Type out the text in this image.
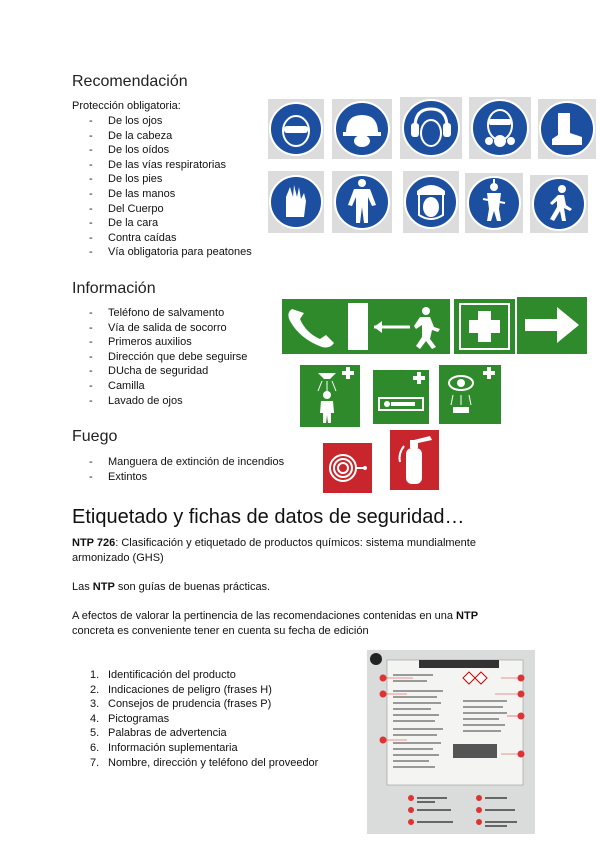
Recomendación
Protección obligatoria:
- De los ojos
- De la cabeza
- De los oídos
- De las vías respiratorias
- De los pies
- De las manos
- Del Cuerpo
- De la cara
- Contra caídas
- Vía obligatoria para peatones
Información
- Teléfono de salvamento
- Vía de salida de socorro
- Primeros auxilios
- Dirección que debe seguirse
- DUcha de seguridad
- Camilla
- Lavado de ojos
Fuego
- Manguera de extinción de incendios
- Extintos
Etiquetado y fichas de datos de seguridad…

NTP 726: Clasificación y etiquetado de productos químicos: sistema mundialmente armonizado (GHS)

Las NTP son guías de buenas prácticas.

A efectos de valorar la pertinencia de las recomendaciones contenidas en una NTP concreta es conveniente tener en cuenta su fecha de edición

1. Identificación del producto
2. Indicaciones de peligro (frases H)
3. Consejos de prudencia (frases P)
4. Pictogramas
5. Palabras de advertencia
6. Información suplementaria
7. Nombre, dirección y teléfono del proveedor
